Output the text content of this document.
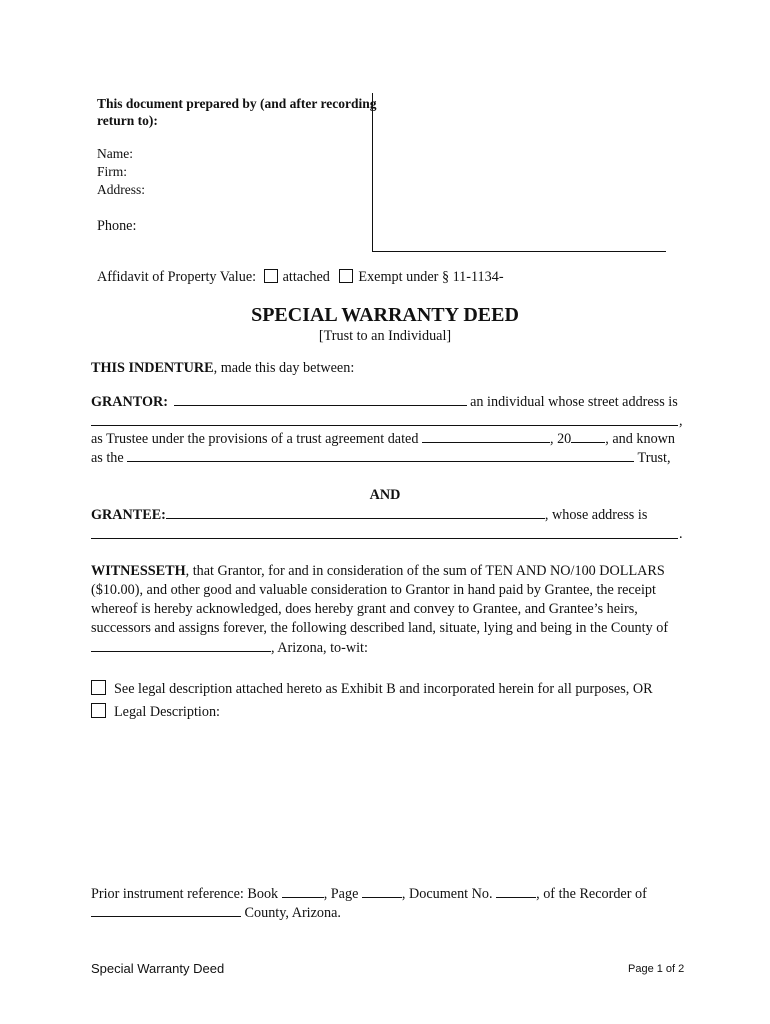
This document prepared by (and after recording
return to):
Name:
Firm:
Address:
Phone:
Affidavit of Property Value: attached Exempt under § 11-1134-
SPECIAL WARRANTY DEED
[Trust to an Individual]
THIS INDENTURE, made this day between:
GRANTOR:	an individual whose street address is
,
as Trustee under the provisions of a trust agreement dated	, 20 , and known
as the	Trust,
AND
GRANTEE:	, whose address is
.
WITNESSETH, that Grantor, for and in consideration of the sum of TEN AND NO/100 DOLLARS
($10.00), and other good and valuable consideration to Grantor in hand paid by Grantee, the receipt
whereof is hereby acknowledged, does hereby grant and convey to Grantee, and Grantee’s heirs,
successors and assigns forever, the following described land, situate, lying and being in the County of
, Arizona, to-wit:
See legal description attached hereto as Exhibit B and incorporated herein for all purposes, OR
Legal Description:
Prior instrument reference: Book	, Page	, Document No.	, of the Recorder of
County, Arizona.
Special Warranty Deed	Page 1 of 2
